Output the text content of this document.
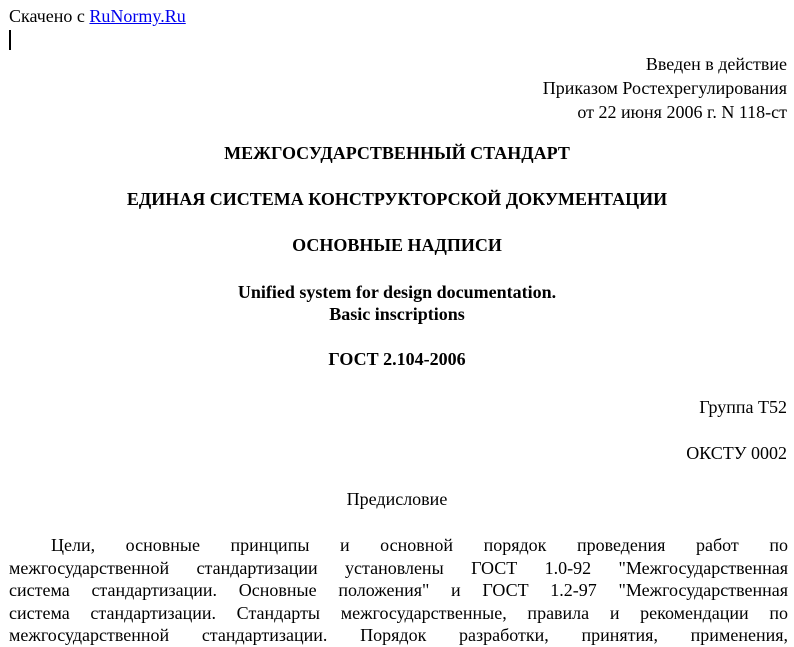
Скачено с RuNormy.Ru
Введен в действие
Приказом Ростехрегулирования
от 22 июня 2006 г. N 118-ст
МЕЖГОСУДАРСТВЕННЫЙ СТАНДАРТ
ЕДИНАЯ СИСТЕМА КОНСТРУКТОРСКОЙ ДОКУМЕНТАЦИИ
ОСНОВНЫЕ НАДПИСИ
Unified system for design documentation.
Basic inscriptions
ГОСТ 2.104-2006
Группа Т52
ОКСТУ 0002
Предисловие
Цели, основные принципы и основной порядок проведения работ по
межгосударственной стандартизации установлены ГОСТ 1.0-92 "Межгосударственная
система стандартизации. Основные положения" и ГОСТ 1.2-97 "Межгосударственная
система стандартизации. Стандарты межгосударственные, правила и рекомендации по
межгосударственной стандартизации. Порядок разработки, принятия, применения,
